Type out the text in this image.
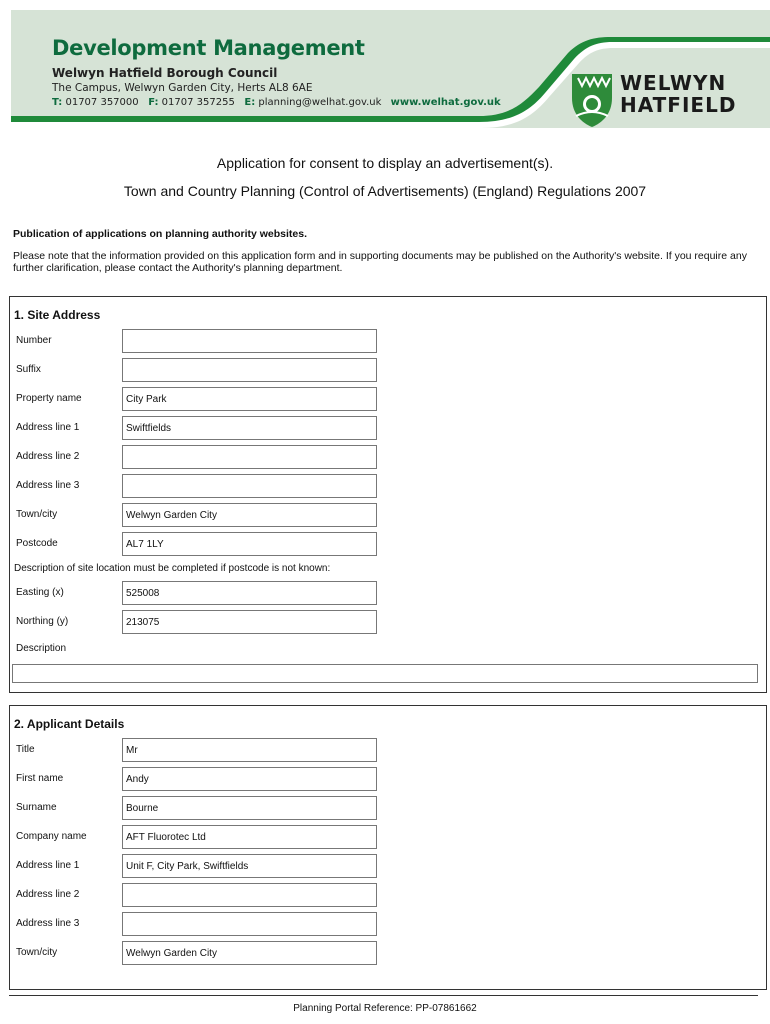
Development Management
Welwyn Hatfield Borough Council
The Campus, Welwyn Garden City, Herts AL8 6AE
T: 01707 357000 F: 01707 357255 E: planning@welhat.gov.uk www.welhat.gov.uk
WELWYN
HATFIELD
Application for consent to display an advertisement(s).
Town and Country Planning (Control of Advertisements) (England) Regulations 2007
Publication of applications on planning authority websites.
Please note that the information provided on this application form and in supporting documents may be published on the Authority's website. If you require any further clarification, please contact the Authority's planning department.
1. Site Address
Number
Suffix
Property name	City Park
Address line 1	Swiftfields
Address line 2
Address line 3
Town/city	Welwyn Garden City
Postcode	AL7 1LY
Description of site location must be completed if postcode is not known:
Easting (x)	525008
Northing (y)	213075
Description
2. Applicant Details
Title	Mr
First name	Andy
Surname	Bourne
Company name	AFT Fluorotec Ltd
Address line 1	Unit F, City Park, Swiftfields
Address line 2
Address line 3
Town/city	Welwyn Garden City
Planning Portal Reference: PP-07861662
